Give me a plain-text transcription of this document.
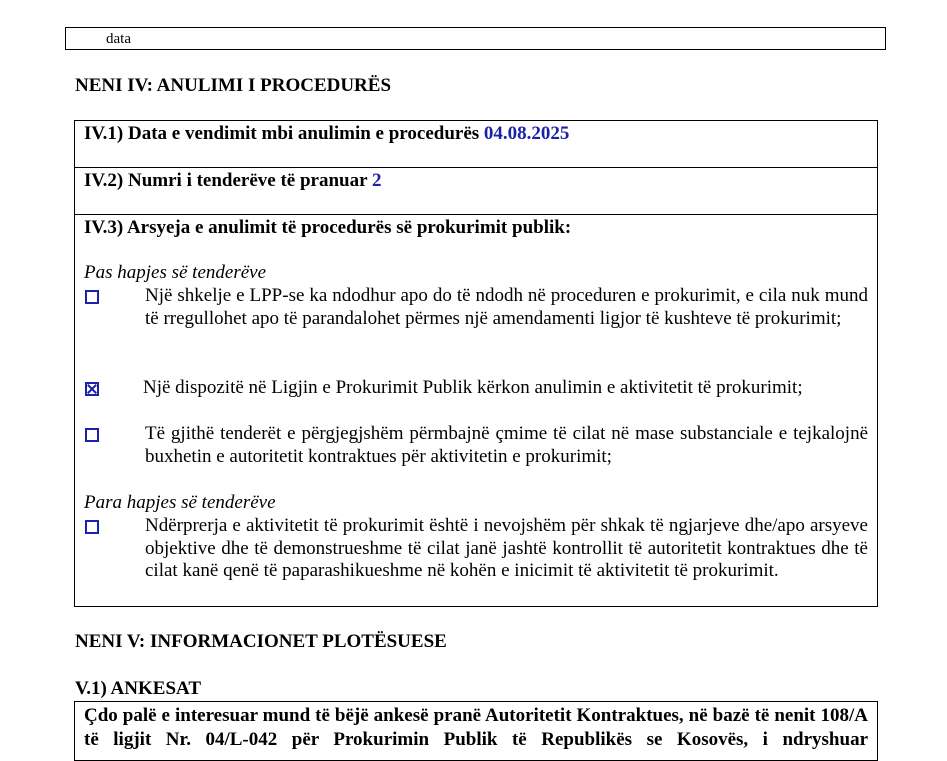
data
NENI IV: ANULIMI I PROCEDURËS
IV.1) Data e vendimit mbi anulimin e procedurës 04.08.2025
IV.2) Numri i tenderëve të pranuar 2
IV.3) Arsyeja e anulimit të procedurës së prokurimit publik:
Pas hapjes së tenderëve
Një shkelje e LPP-se ka ndodhur apo do të ndodh në proceduren e prokurimit, e cila nuk mund të rregullohet apo të parandalohet përmes një amendamenti ligjor të kushteve të prokurimit;
Një dispozitë në Ligjin e Prokurimit Publik kërkon anulimin e aktivitetit të prokurimit;
Të gjithë tenderët e përgjegjshëm përmbajnë çmime të cilat në mase substanciale e tejkalojnë buxhetin e autoritetit kontraktues për aktivitetin e prokurimit;
Para hapjes së tenderëve
Ndërprerja e aktivitetit të prokurimit është i nevojshëm për shkak të ngjarjeve dhe/apo arsyeve objektive dhe të demonstrueshme të cilat janë jashtë kontrollit të autoritetit kontraktues dhe të cilat kanë qenë të paparashikueshme në kohën e inicimit të aktivitetit të prokurimit.
NENI V: INFORMACIONET PLOTËSUESE
V.1) ANKESAT
Çdo palë e interesuar mund të bëjë ankesë pranë Autoritetit Kontraktues, në bazë të nenit 108/A të ligjit Nr. 04/L-042 për Prokurimin Publik të Republikës se Kosovës, i ndryshuar
